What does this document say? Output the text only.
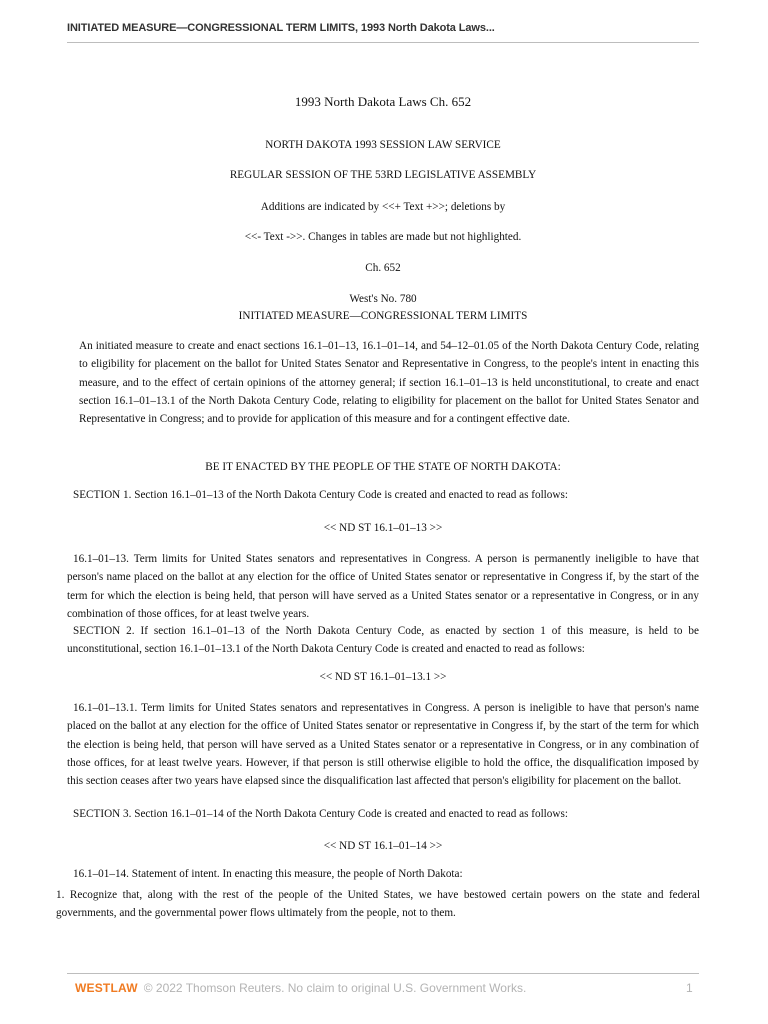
INITIATED MEASURE—CONGRESSIONAL TERM LIMITS, 1993 North Dakota Laws...
1993 North Dakota Laws Ch. 652
NORTH DAKOTA 1993 SESSION LAW SERVICE
REGULAR SESSION OF THE 53RD LEGISLATIVE ASSEMBLY
Additions are indicated by <<+ Text +>>; deletions by
<<- Text ->>. Changes in tables are made but not highlighted.
Ch. 652
West's No. 780
INITIATED MEASURE—CONGRESSIONAL TERM LIMITS
An initiated measure to create and enact sections 16.1–01–13, 16.1–01–14, and 54–12–01.05 of the North Dakota Century Code, relating to eligibility for placement on the ballot for United States Senator and Representative in Congress, to the people's intent in enacting this measure, and to the effect of certain opinions of the attorney general; if section 16.1–01–13 is held unconstitutional, to create and enact section 16.1–01–13.1 of the North Dakota Century Code, relating to eligibility for placement on the ballot for United States Senator and Representative in Congress; and to provide for application of this measure and for a contingent effective date.
BE IT ENACTED BY THE PEOPLE OF THE STATE OF NORTH DAKOTA:
SECTION 1. Section 16.1–01–13 of the North Dakota Century Code is created and enacted to read as follows:
<< ND ST 16.1–01–13 >>
16.1–01–13. Term limits for United States senators and representatives in Congress. A person is permanently ineligible to have that person's name placed on the ballot at any election for the office of United States senator or representative in Congress if, by the start of the term for which the election is being held, that person will have served as a United States senator or a representative in Congress, or in any combination of those offices, for at least twelve years.
SECTION 2. If section 16.1–01–13 of the North Dakota Century Code, as enacted by section 1 of this measure, is held to be unconstitutional, section 16.1–01–13.1 of the North Dakota Century Code is created and enacted to read as follows:
<< ND ST 16.1–01–13.1 >>
16.1–01–13.1. Term limits for United States senators and representatives in Congress. A person is ineligible to have that person's name placed on the ballot at any election for the office of United States senator or representative in Congress if, by the start of the term for which the election is being held, that person will have served as a United States senator or a representative in Congress, or in any combination of those offices, for at least twelve years. However, if that person is still otherwise eligible to hold the office, the disqualification imposed by this section ceases after two years have elapsed since the disqualification last affected that person's eligibility for placement on the ballot.
SECTION 3. Section 16.1–01–14 of the North Dakota Century Code is created and enacted to read as follows:
<< ND ST 16.1–01–14 >>
16.1–01–14. Statement of intent. In enacting this measure, the people of North Dakota:
1. Recognize that, along with the rest of the people of the United States, we have bestowed certain powers on the state and federal governments, and the governmental power flows ultimately from the people, not to them.
WESTLAW © 2022 Thomson Reuters. No claim to original U.S. Government Works.	1
